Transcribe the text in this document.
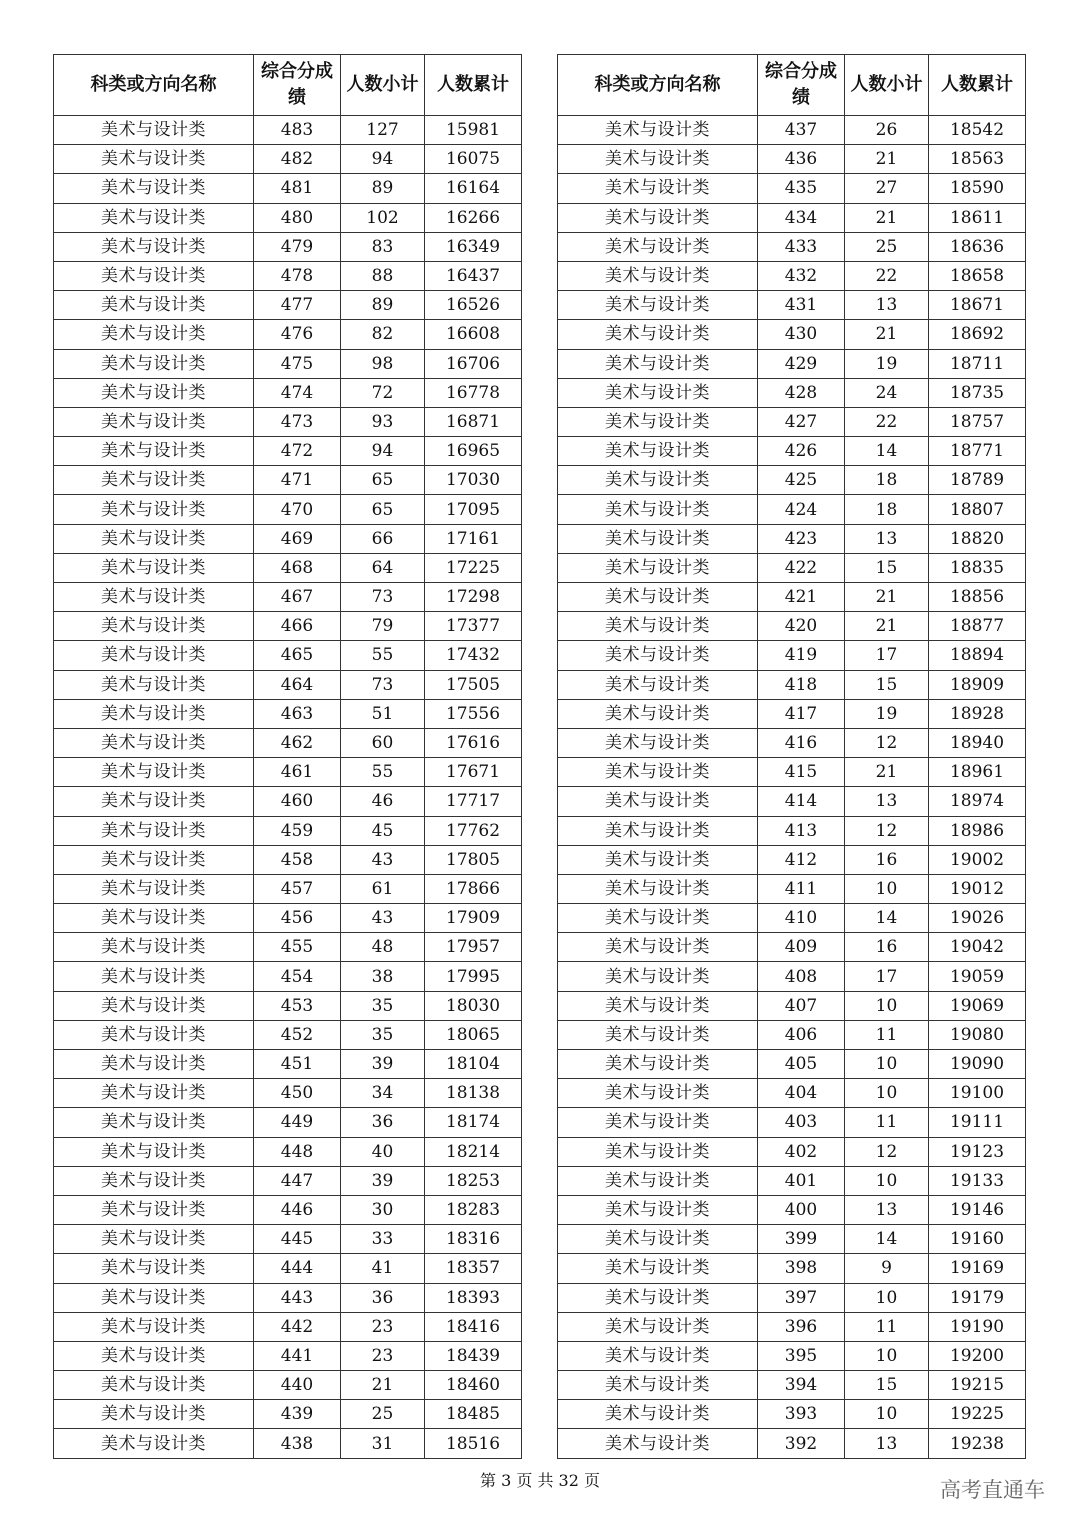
科类或方向名称	综合分成绩	人数小计	人数累计
美术与设计类	483	127	15981
美术与设计类	482	94	16075
美术与设计类	481	89	16164
美术与设计类	480	102	16266
美术与设计类	479	83	16349
美术与设计类	478	88	16437
美术与设计类	477	89	16526
美术与设计类	476	82	16608
美术与设计类	475	98	16706
美术与设计类	474	72	16778
美术与设计类	473	93	16871
美术与设计类	472	94	16965
美术与设计类	471	65	17030
美术与设计类	470	65	17095
美术与设计类	469	66	17161
美术与设计类	468	64	17225
美术与设计类	467	73	17298
美术与设计类	466	79	17377
美术与设计类	465	55	17432
美术与设计类	464	73	17505
美术与设计类	463	51	17556
美术与设计类	462	60	17616
美术与设计类	461	55	17671
美术与设计类	460	46	17717
美术与设计类	459	45	17762
美术与设计类	458	43	17805
美术与设计类	457	61	17866
美术与设计类	456	43	17909
美术与设计类	455	48	17957
美术与设计类	454	38	17995
美术与设计类	453	35	18030
美术与设计类	452	35	18065
美术与设计类	451	39	18104
美术与设计类	450	34	18138
美术与设计类	449	36	18174
美术与设计类	448	40	18214
美术与设计类	447	39	18253
美术与设计类	446	30	18283
美术与设计类	445	33	18316
美术与设计类	444	41	18357
美术与设计类	443	36	18393
美术与设计类	442	23	18416
美术与设计类	441	23	18439
美术与设计类	440	21	18460
美术与设计类	439	25	18485
美术与设计类	438	31	18516
科类或方向名称	综合分成绩	人数小计	人数累计
美术与设计类	437	26	18542
美术与设计类	436	21	18563
美术与设计类	435	27	18590
美术与设计类	434	21	18611
美术与设计类	433	25	18636
美术与设计类	432	22	18658
美术与设计类	431	13	18671
美术与设计类	430	21	18692
美术与设计类	429	19	18711
美术与设计类	428	24	18735
美术与设计类	427	22	18757
美术与设计类	426	14	18771
美术与设计类	425	18	18789
美术与设计类	424	18	18807
美术与设计类	423	13	18820
美术与设计类	422	15	18835
美术与设计类	421	21	18856
美术与设计类	420	21	18877
美术与设计类	419	17	18894
美术与设计类	418	15	18909
美术与设计类	417	19	18928
美术与设计类	416	12	18940
美术与设计类	415	21	18961
美术与设计类	414	13	18974
美术与设计类	413	12	18986
美术与设计类	412	16	19002
美术与设计类	411	10	19012
美术与设计类	410	14	19026
美术与设计类	409	16	19042
美术与设计类	408	17	19059
美术与设计类	407	10	19069
美术与设计类	406	11	19080
美术与设计类	405	10	19090
美术与设计类	404	10	19100
美术与设计类	403	11	19111
美术与设计类	402	12	19123
美术与设计类	401	10	19133
美术与设计类	400	13	19146
美术与设计类	399	14	19160
美术与设计类	398	9	19169
美术与设计类	397	10	19179
美术与设计类	396	11	19190
美术与设计类	395	10	19200
美术与设计类	394	15	19215
美术与设计类	393	10	19225
美术与设计类	392	13	19238
第 3 页 共 32 页	高考直通车
